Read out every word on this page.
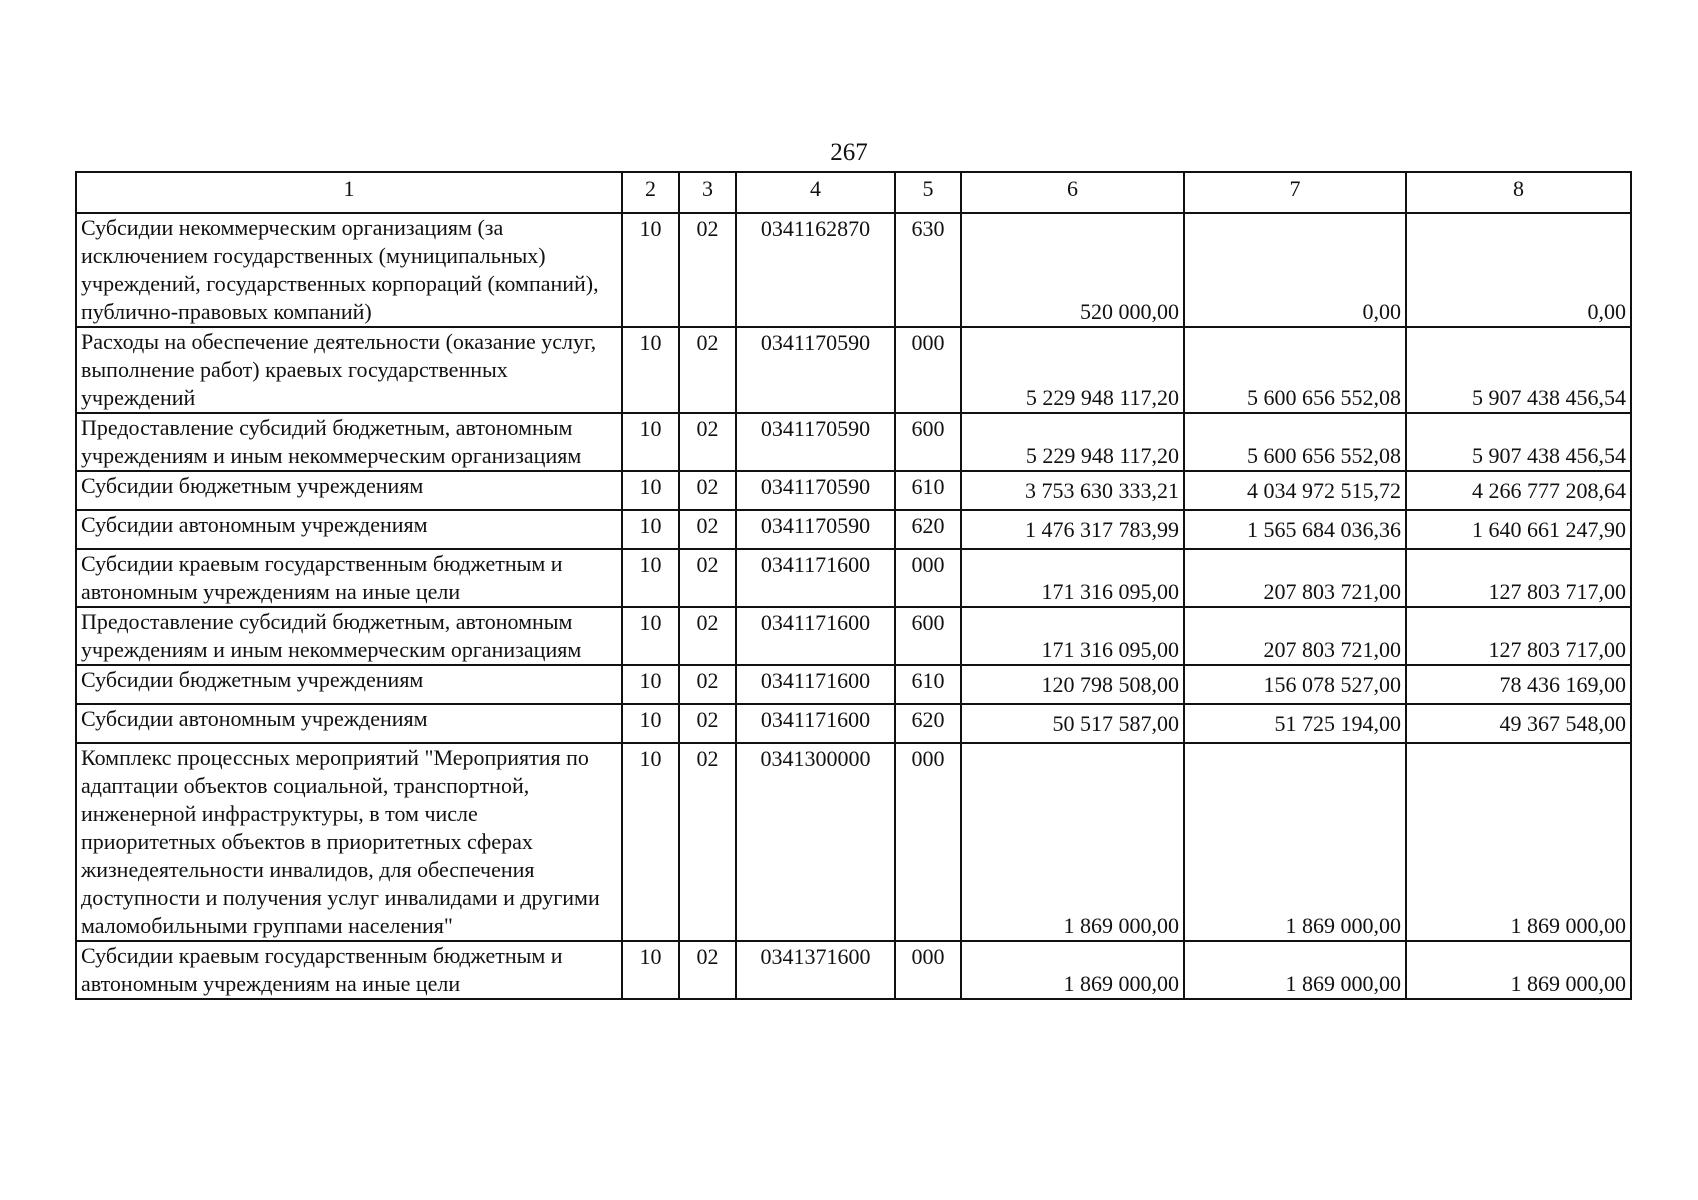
267
1	2	3	4	5	6	7	8
Субсидии некоммерческим организациям (за исключением государственных (муниципальных) учреждений, государственных корпораций (компаний), публично-правовых компаний)	10	02	0341162870	630	520 000,00	0,00	0,00
Расходы на обеспечение деятельности (оказание услуг, выполнение работ) краевых государственных учреждений	10	02	0341170590	000	5 229 948 117,20	5 600 656 552,08	5 907 438 456,54
Предоставление субсидий бюджетным, автономным учреждениям и иным некоммерческим организациям	10	02	0341170590	600	5 229 948 117,20	5 600 656 552,08	5 907 438 456,54
Субсидии бюджетным учреждениям	10	02	0341170590	610	3 753 630 333,21	4 034 972 515,72	4 266 777 208,64
Субсидии автономным учреждениям	10	02	0341170590	620	1 476 317 783,99	1 565 684 036,36	1 640 661 247,90
Субсидии краевым государственным бюджетным и автономным учреждениям на иные цели	10	02	0341171600	000	171 316 095,00	207 803 721,00	127 803 717,00
Предоставление субсидий бюджетным, автономным учреждениям и иным некоммерческим организациям	10	02	0341171600	600	171 316 095,00	207 803 721,00	127 803 717,00
Субсидии бюджетным учреждениям	10	02	0341171600	610	120 798 508,00	156 078 527,00	78 436 169,00
Субсидии автономным учреждениям	10	02	0341171600	620	50 517 587,00	51 725 194,00	49 367 548,00
Комплекс процессных мероприятий "Мероприятия по адаптации объектов социальной, транспортной, инженерной инфраструктуры, в том числе приоритетных объектов в приоритетных сферах жизнедеятельности инвалидов, для обеспечения доступности и получения услуг инвалидами и другими маломобильными группами населения"	10	02	0341300000	000	1 869 000,00	1 869 000,00	1 869 000,00
Субсидии краевым государственным бюджетным и автономным учреждениям на иные цели	10	02	0341371600	000	1 869 000,00	1 869 000,00	1 869 000,00
